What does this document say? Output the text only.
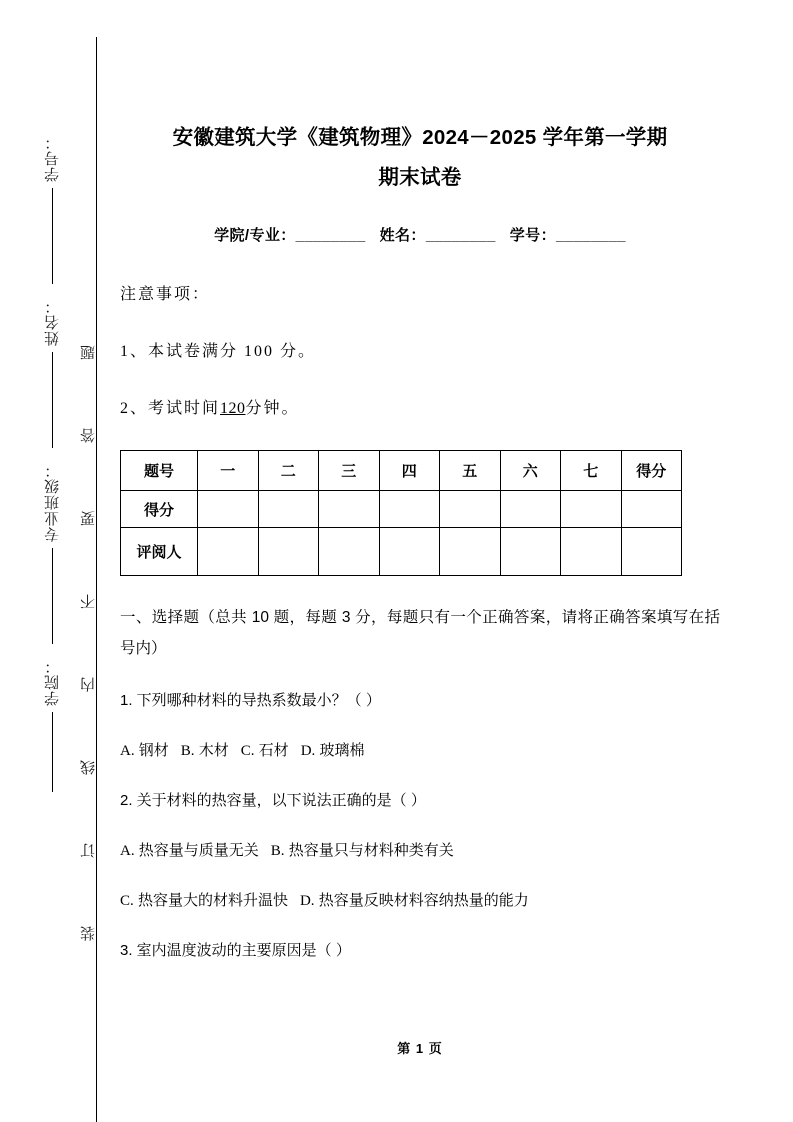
学号：
姓名：
专业班级：
学院：
题
答
要
不
内
线
订
装
安徽建筑大学《建筑物理》2024－2025 学年第一学期
期末试卷
学院/专业：________ 姓名：________ 学号：________
注意事项：
1、本试卷满分 100 分。
2、考试时间120分钟。
题号	一	二	三	四	五	六	七	得分
得分								
评阅人								
一、选择题（总共 10 题，每题 3 分，每题只有一个正确答案，请将正确答案填写在括号内）
1. 下列哪种材料的导热系数最小？（ ）
A. 钢材 B. 木材 C. 石材 D. 玻璃棉
2. 关于材料的热容量，以下说法正确的是（ ）
A. 热容量与质量无关 B. 热容量只与材料种类有关
C. 热容量大的材料升温快 D. 热容量反映材料容纳热量的能力
3. 室内温度波动的主要原因是（ ）
第 1 页
